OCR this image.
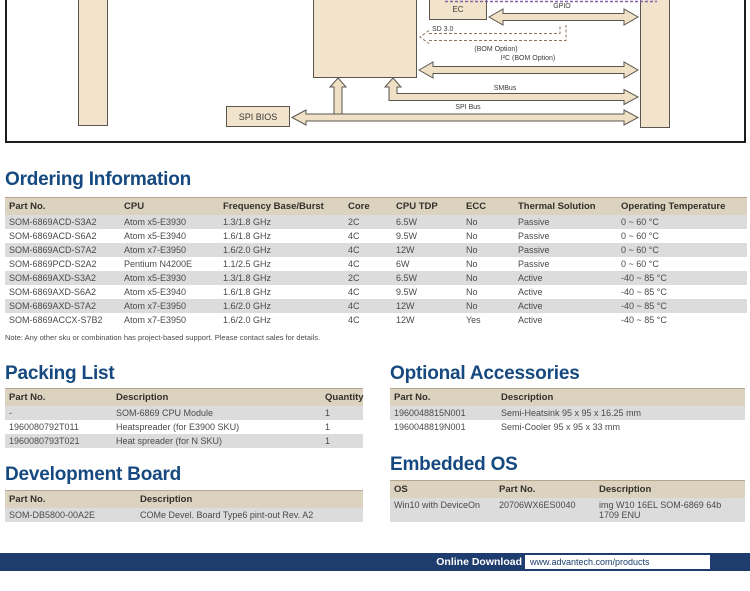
EC
SPI BIOS
GPIO
SD 3.0
(BOM Option)
I²C (BOM Option)
SMBus
SPI Bus
Ordering Information
Part No.	CPU	Frequency Base/Burst	Core	CPU TDP	ECC	Thermal Solution	Operating Temperature
SOM-6869ACD-S3A2	Atom x5-E3930	1.3/1.8 GHz	2C	6.5W	No	Passive	0 ~ 60 °C
SOM-6869ACD-S6A2	Atom x5-E3940	1.6/1.8 GHz	4C	9.5W	No	Passive	0 ~ 60 °C
SOM-6869ACD-S7A2	Atom x7-E3950	1.6/2.0 GHz	4C	12W	No	Passive	0 ~ 60 °C
SOM-6869PCD-S2A2	Pentium N4200E	1.1/2.5 GHz	4C	6W	No	Passive	0 ~ 60 °C
SOM-6869AXD-S3A2	Atom x5-E3930	1.3/1.8 GHz	2C	6.5W	No	Active	-40 ~ 85 °C
SOM-6869AXD-S6A2	Atom x5-E3940	1.6/1.8 GHz	4C	9.5W	No	Active	-40 ~ 85 °C
SOM-6869AXD-S7A2	Atom x7-E3950	1.6/2.0 GHz	4C	12W	No	Active	-40 ~ 85 °C
SOM-6869ACCX-S7B2	Atom x7-E3950	1.6/2.0 GHz	4C	12W	Yes	Active	-40 ~ 85 °C
Note: Any other sku or combination has project-based support. Please contact sales for details.
Packing List
Part No.	Description	Quantity
-	SOM-6869 CPU Module	1
1960080792T011	Heatspreader (for E3900 SKU)	1
1960080793T021	Heat spreader (for N SKU)	1
Optional Accessories
Part No.	Description
1960048815N001	Semi-Heatsink 95 x 95 x 16.25 mm
1960048819N001	Semi-Cooler 95 x 95 x 33 mm
Development Board
Part No.	Description
SOM-DB5800-00A2E	COMe Devel. Board Type6 pint-out Rev. A2
Embedded OS
OS	Part No.	Description
Win10 with DeviceOn	20706WX6ES0040	img W10 16EL SOM-6869 64b 1709 ENU
Online Download www.advantech.com/products
